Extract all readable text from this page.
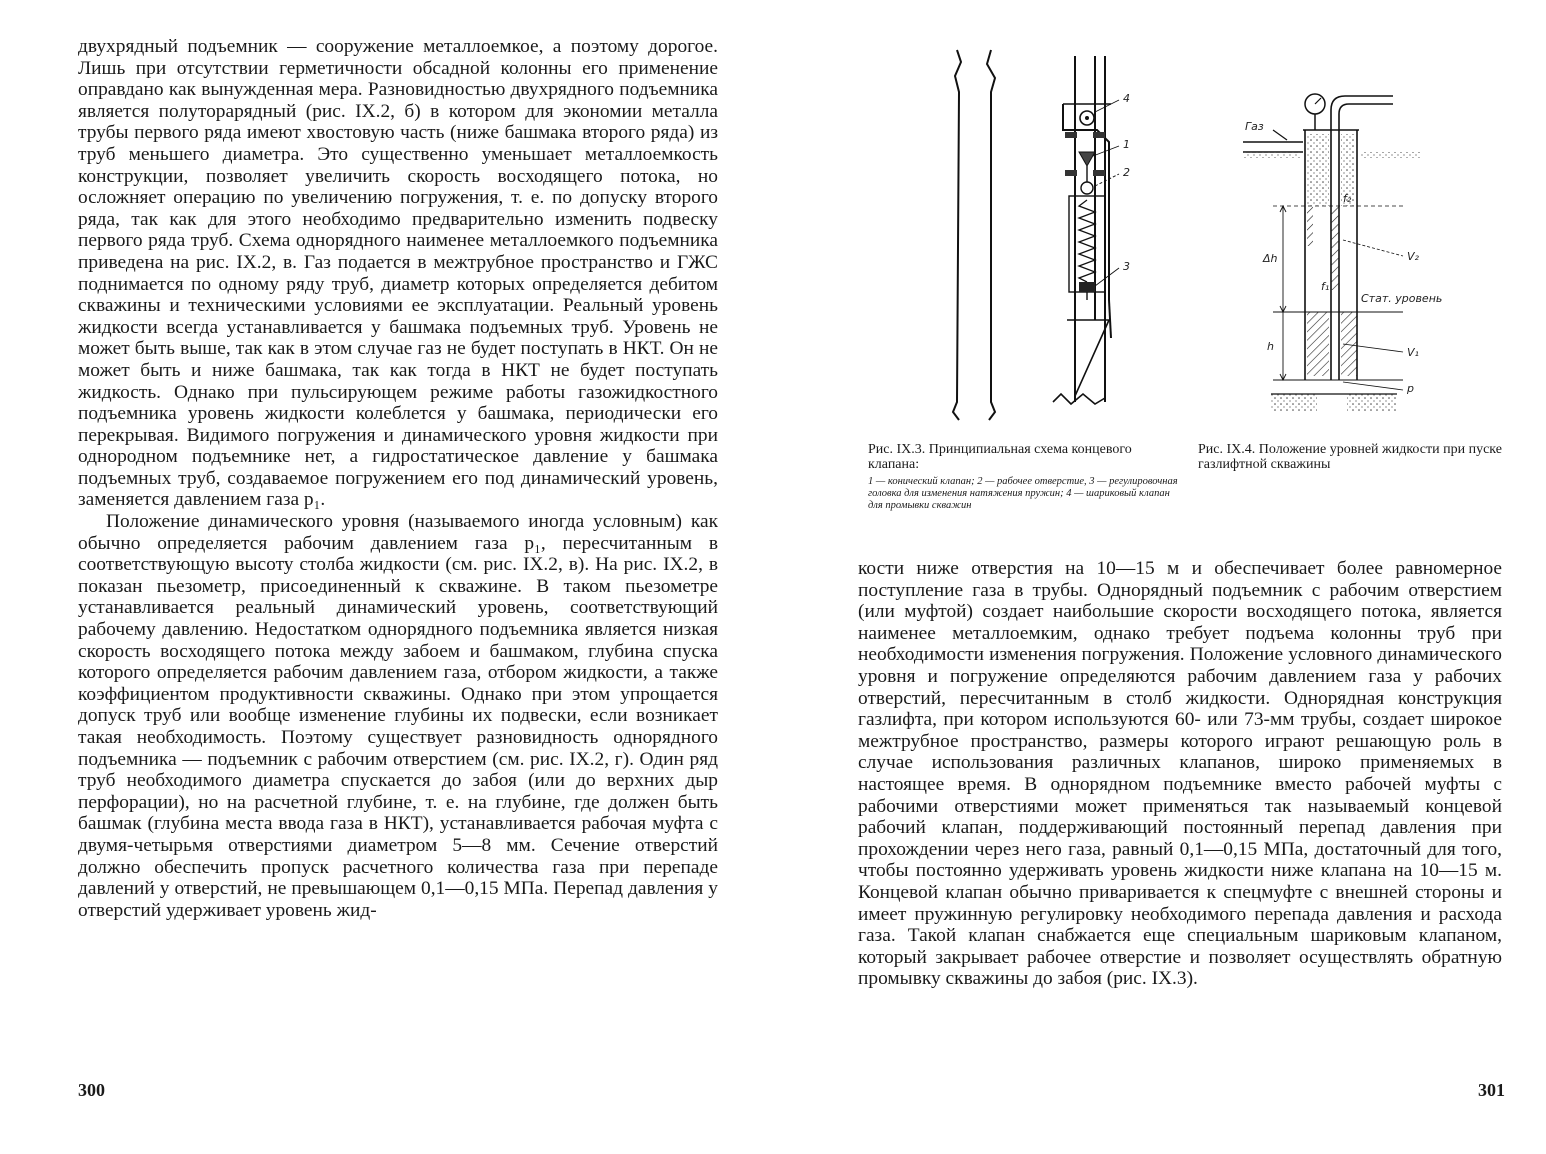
двухрядный подъемник — сооружение металлоемкое, а поэтому дорогое. Лишь при отсутствии герметичности обсадной колонны его применение оправдано как вынужденная мера. Разновидностью двухрядного подъемника является полуторарядный (рис. IX.2, б) в котором для экономии металла трубы первого ряда имеют хвостовую часть (ниже башмака второго ряда) из труб меньшего диаметра. Это существенно уменьшает металлоемкость конструкции, позволяет увеличить скорость восходящего потока, но осложняет операцию по увеличению погружения, т. е. по допуску второго ряда, так как для этого необходимо предварительно изменить подвеску первого ряда труб. Схема однорядного наименее металлоемкого подъемника приведена на рис. IX.2, в. Газ подается в межтрубное пространство и ГЖС поднимается по одному ряду труб, диаметр которых определяется дебитом скважины и техническими условиями ее эксплуатации. Реальный уровень жидкости всегда устанавливается у башмака подъемных труб. Уровень не может быть выше, так как в этом случае газ не будет поступать в НКТ. Он не может быть и ниже башмака, так как тогда в НКТ не будет поступать жидкость. Однако при пульсирующем режиме работы газожидкостного подъемника уровень жидкости колеблется у башмака, периодически его перекрывая. Видимого погружения и динамического уровня жидкости при однородном подъемнике нет, а гидростатическое давление у башмака подъемных труб, создаваемое погружением его под динамический уровень, заменяется давлением газа p₁.

Положение динамического уровня (называемого иногда условным) как обычно определяется рабочим давлением газа p₁, пересчитанным в соответствующую высоту столба жидкости (см. рис. IX.2, в). На рис. IX.2, в показан пьезометр, присоединенный к скважине. В таком пьезометре устанавливается реальный динамический уровень, соответствующий рабочему давлению. Недостатком однорядного подъемника является низкая скорость восходящего потока между забоем и башмаком, глубина спуска которого определяется рабочим давлением газа, отбором жидкости, а также коэффициентом продуктивности скважины. Однако при этом упрощается допуск труб или вообще изменение глубины их подвески, если возникает такая необходимость. Поэтому существует разновидность однорядного подъемника — подъемник с рабочим отверстием (см. рис. IX.2, г). Один ряд труб необходимого диаметра спускается до забоя (или до верхних дыр перфорации), но на расчетной глубине, т. е. на глубине, где должен быть башмак (глубина места ввода газа в НКТ), устанавливается рабочая муфта с двумя-четырьмя отверстиями диаметром 5—8 мм. Сечение отверстий должно обеспечить пропуск расчетного количества газа при перепаде давлений у отверстий, не превышающем 0,1—0,15 МПа. Перепад давления у отверстий удерживает уровень жид-

300
4
1
2
3
Газ
f₂
f₁
Δh
h
V₂
V₁
p
Стат. уровень
Рис. IX.3. Принципиальная схема концевого клапана:
1 — конический клапан; 2 — рабочее отверстие, 3 — регулировочная головка для изменения натяжения пружин; 4 — шариковый клапан для промывки скважин
Рис. IX.4. Положение уровней жидкости при пуске газлифтной скважины

кости ниже отверстия на 10—15 м и обеспечивает более равномерное поступление газа в трубы. Однорядный подъемник с рабочим отверстием (или муфтой) создает наибольшие скорости восходящего потока, является наименее металлоемким, однако требует подъема колонны труб при необходимости изменения погружения. Положение условного динамического уровня и погружение определяются рабочим давлением газа у рабочих отверстий, пересчитанным в столб жидкости. Однорядная конструкция газлифта, при котором используются 60- или 73-мм трубы, создает широкое межтрубное пространство, размеры которого играют решающую роль в случае использования различных клапанов, широко применяемых в настоящее время. В однорядном подъемнике вместо рабочей муфты с рабочими отверстиями может применяться так называемый концевой рабочий клапан, поддерживающий постоянный перепад давления при прохождении через него газа, равный 0,1—0,15 МПа, достаточный для того, чтобы постоянно удерживать уровень жидкости ниже клапана на 10—15 м. Концевой клапан обычно приваривается к спецмуфте с внешней стороны и имеет пружинную регулировку необходимого перепада давления и расхода газа. Такой клапан снабжается еще специальным шариковым клапаном, который закрывает рабочее отверстие и позволяет осуществлять обратную промывку скважины до забоя (рис. IX.3).

301
